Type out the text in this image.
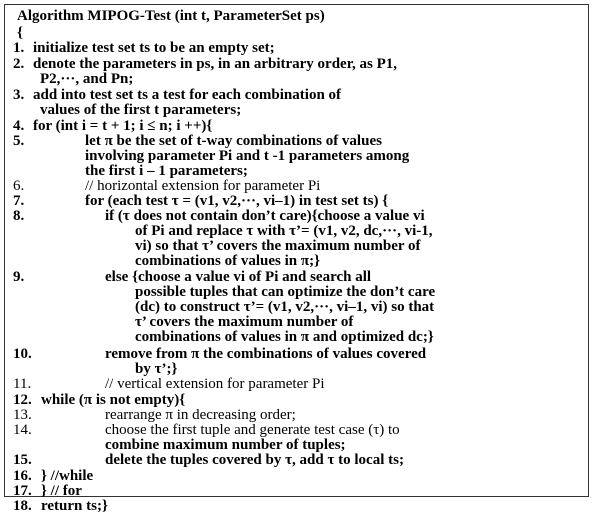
Algorithm MIPOG-Test (int t, ParameterSet ps)
{
1. initialize test set ts to be an empty set;
2. denote the parameters in ps, in an arbitrary order, as P1,
P2,···, and Pn;
3. add into test set ts a test for each combination of
values of the first t parameters;
4. for (int i = t + 1; i ≤ n; i ++){
5.	let π be the set of t-way combinations of values
involving parameter Pi and t -1 parameters among
the first i – 1 parameters;
6.	// horizontal extension for parameter Pi
7.	for (each test τ = (v1, v2,···, vi–1) in test set ts) {
8.	if (τ does not contain don’t care){choose a value vi
of Pi and replace τ with τ’= (v1, v2, dc,···, vi-1,
vi) so that τ’ covers the maximum number of
combinations of values in π;}
9.	else {choose a value vi of Pi and search all
possible tuples that can optimize the don’t care
(dc) to construct τ’= (v1, v2,···, vi–1, vi) so that
τ’ covers the maximum number of
combinations of values in π and optimized dc;}
10.	remove from π the combinations of values covered
by τ’;}
11.	// vertical extension for parameter Pi
12. while (π is not empty){
13.	rearrange π in decreasing order;
14.	choose the first tuple and generate test case (τ) to
combine maximum number of tuples;
15.	delete the tuples covered by τ, add τ to local ts;
16. } //while
17. } // for
18. return ts;}
